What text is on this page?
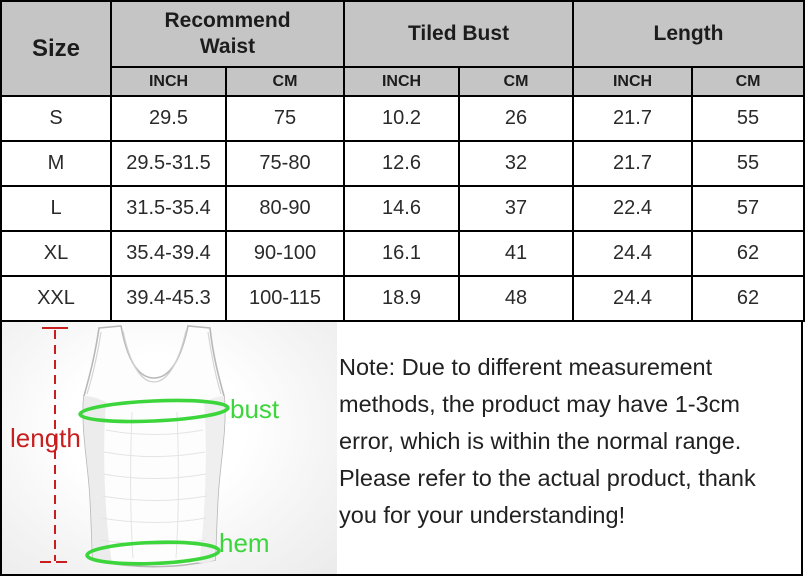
Size	Recommend Waist		Tiled Bust		Length	
	INCH	CM	INCH	CM	INCH	CM
S	29.5	75	10.2	26	21.7	55
M	29.5-31.5	75-80	12.6	32	21.7	55
L	31.5-35.4	80-90	14.6	37	22.4	57
XL	35.4-39.4	90-100	16.1	41	24.4	62
XXL	39.4-45.3	100-115	18.9	48	24.4	62
length
bust
hem
Note: Due to different measurement
methods, the product may have 1-3cm
error, which is within the normal range.
Please refer to the actual product, thank
you for your understanding!
